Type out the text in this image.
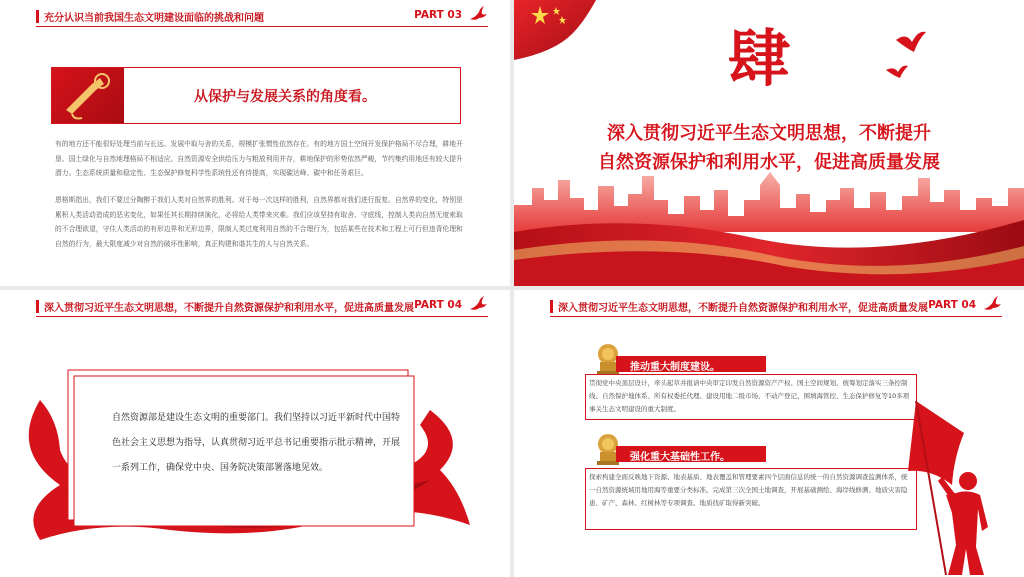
充分认识当前我国生态文明建设面临的挑战和问题	PART 03
从保护与发展关系的角度看。
有的地方还不能很好处理当前与长远、发展中取与舍的关系，规模扩张惯性依然存在。有的地方国土空间开发保护格局不尽合理，耕地开垦、国土绿化与自然地理格局不相适应。自然资源安全供给压力与粗放利用并存，耕地保护的形势依然严峻，节约集约用地还有较大提升潜力。生态系统质量和稳定性、生态保护修复科学性系统性还有待提高，实现碳达峰、碳中和任务艰巨。
恩格斯指出，我们不要过分陶醉于我们人类对自然界的胜利。对于每一次这样的胜利，自然界都对我们进行报复。自然界的变化，特别是累积人类活动造成的恶劣变化，如果任其长期持续演化，必将给人类带来灾难。我们应该坚持有取舍、守底线，控制人类向自然无度索取的不合理欲望，守住人类活动的有形边界和无形边界，限制人类过度利用自然的不合理行为，包括某些在技术和工程上可行但违背伦理和自然的行为，最大限度减少对自然的破坏性影响，真正构建和谐共生的人与自然关系。
肆
深入贯彻习近平生态文明思想，不断提升
自然资源保护和利用水平，促进高质量发展
深入贯彻习近平生态文明思想，不断提升自然资源保护和利用水平，促进高质量发展 PART 04
自然资源部是建设生态文明的重要部门。我们坚持以习近平新时代中国特色社会主义思想为指导，认真贯彻习近平总书记重要指示批示精神，开展一系列工作，确保党中央、国务院决策部署落地见效。
深入贯彻习近平生态文明思想，不断提升自然资源保护和利用水平，促进高质量发展 PART 04
推动重大制度建设。
贯彻党中央顶层设计，牵头起草并报请中央审定印发自然资源资产产权、国土空间规划、统筹划定落实三条控制线、自然保护地体系、所有权委托代理、建设用地二级市场、不动产登记、围填海管控、生态保护修复等10多项事关生态文明建设的重大制度。
强化重大基础性工作。
探索构建全面反映地下资源、地表基质、地表覆盖和管理要素四个层面信息的统一的自然资源调查监测体系，统一自然资源统域用地用海等重要分类标准。完成第三次全国土地调查，开展基础测绘、海岸线修测、地质灾害隐患、矿产、森林、红树林等专项调查。地质找矿取得新突破。
